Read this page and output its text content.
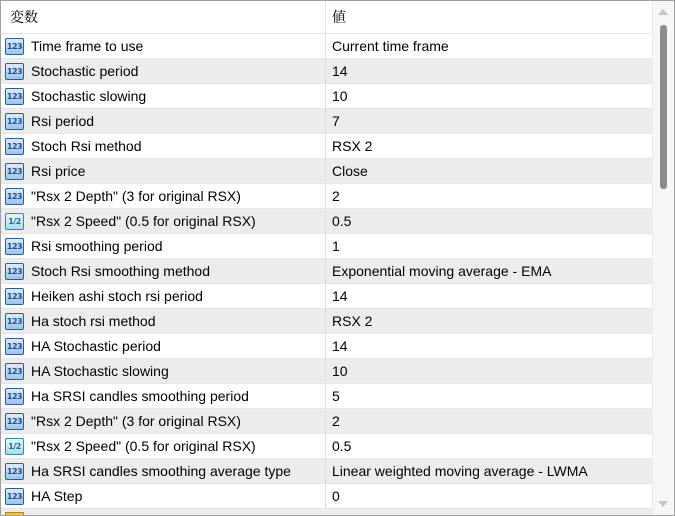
変数	値
123 Time frame to use	Current time frame
123 Stochastic period	14
123 Stochastic slowing	10
123 Rsi period	7
123 Stoch Rsi method	RSX 2
123 Rsi price	Close
123 "Rsx 2 Depth" (3 for original RSX)	2
1/2 "Rsx 2 Speed" (0.5 for original RSX)	0.5
123 Rsi smoothing period	1
123 Stoch Rsi smoothing method	Exponential moving average - EMA
123 Heiken ashi stoch rsi period	14
123 Ha stoch rsi method	RSX 2
123 HA Stochastic period	14
123 HA Stochastic slowing	10
123 Ha SRSI candles smoothing period	5
123 "Rsx 2 Depth" (3 for original RSX)	2
1/2 "Rsx 2 Speed" (0.5 for original RSX)	0.5
123 Ha SRSI candles smoothing average type	Linear weighted moving average - LWMA
123 HA Step	0
